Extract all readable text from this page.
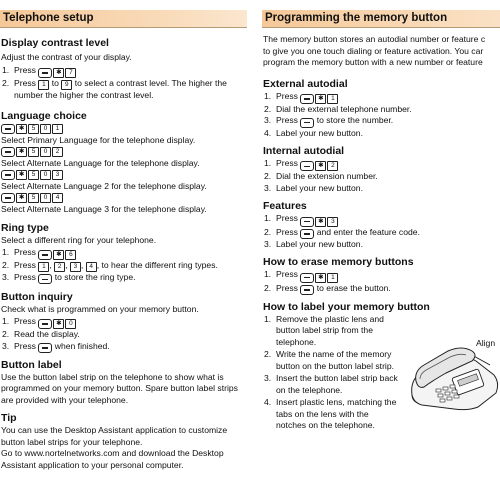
Telephone setup
Display contrast level

Adjust the contrast of your display.

1. Press	✱	7
2. Press 1 to 9 to select a contrast level. The higher the number the higher the contrast level.
Language choice
✱	5	0	1

Select Primary Language for the telephone display.

✱	5	0	2

Select Alternate Language for the telephone display.

✱	5	0	3

Select Alternate Language 2 for the telephone display.

✱	5	0	4

Select Alternate Language 3 for the telephone display.

Ring type

Select a different ring for your telephone.

1. Press	✱	6
2. Press 1 , 2 , 3 , 4 , to hear the different ring types.
3. Press to store the ring type.
Button inquiry

Check what is programmed on your memory button.

1. Press	✱	0
2. Read the display.
3. Press when finished.
Button label

Use the button label strip on the telephone to show what is programmed on your memory button. Spare button label strips are provided with your telephone.

Tip

You can use the Desktop Assistant application to customize button label strips for your telephone.

Go to www.nortelnetworks.com and download the Desktop Assistant application to your personal computer.

Programming the memory button

The memory button stores an autodial number or feature c

to give you one touch dialing or feature activation. You car

program the memory button with a new number or feature

External autodial
1. Press	✱	1
2. Dial the external telephone number.
3. Press to store the number.
4. Label your new button.
Internal autodial
1. Press	✱	2
2. Dial the extension number.
3. Label your new button.
Features
1. Press	✱	3
2. Press and enter the feature code.
3. Label your new button.
How to erase memory buttons
1. Press	✱	1
2. Press to erase the button.
How to label your memory button
1. Remove the plastic lens and button label strip from the telephone.
2. Write the name of the memory button on the button label strip.
3. Insert the button label strip back on the telephone.
4. Insert plastic lens, matching the tabs on the lens with the notches on the telephone.
Align
